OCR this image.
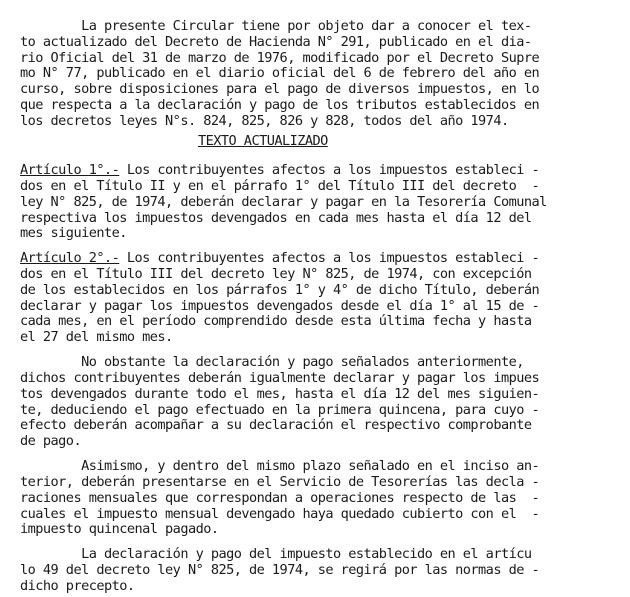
La presente Circular tiene por objeto dar a conocer el tex-
to actualizado del Decreto de Hacienda N° 291, publicado en el dia-
rio Oficial del 31 de marzo de 1976, modificado por el Decreto Supre
mo N° 77, publicado en el diario oficial del 6 de febrero del año en
curso, sobre disposiciones para el pago de diversos impuestos, en lo
que respecta a la declaración y pago de los tributos establecidos en
los decretos leyes N°s. 824, 825, 826 y 828, todos del año 1974.
TEXTO ACTUALIZADO
Artículo 1°.- Los contribuyentes afectos a los impuestos estableci -
dos en el Título II y en el párrafo 1° del Título III del decreto  -
ley N° 825, de 1974, deberán declarar y pagar en la Tesorería Comunal
respectiva los impuestos devengados en cada mes hasta el día 12 del
mes siguiente.
Artículo 2°.- Los contribuyentes afectos a los impuestos estableci -
dos en el Título III del decreto ley N° 825, de 1974, con excepción
de los establecidos en los párrafos 1° y 4° de dicho Título, deberán
declarar y pagar los impuestos devengados desde el día 1° al 15 de -
cada mes, en el período comprendido desde esta última fecha y hasta
el 27 del mismo mes.
No obstante la declaración y pago señalados anteriormente,
dichos contribuyentes deberán igualmente declarar y pagar los impues
tos devengados durante todo el mes, hasta el día 12 del mes siguien-
te, deduciendo el pago efectuado en la primera quincena, para cuyo -
efecto deberán acompañar a su declaración el respectivo comprobante
de pago.
Asimismo, y dentro del mismo plazo señalado en el inciso an-
terior, deberán presentarse en el Servicio de Tesorerías las decla -
raciones mensuales que correspondan a operaciones respecto de las  -
cuales el impuesto mensual devengado haya quedado cubierto con el  -
impuesto quincenal pagado.
La declaración y pago del impuesto establecido en el artícu
lo 49 del decreto ley N° 825, de 1974, se regirá por las normas de -
dicho precepto.
